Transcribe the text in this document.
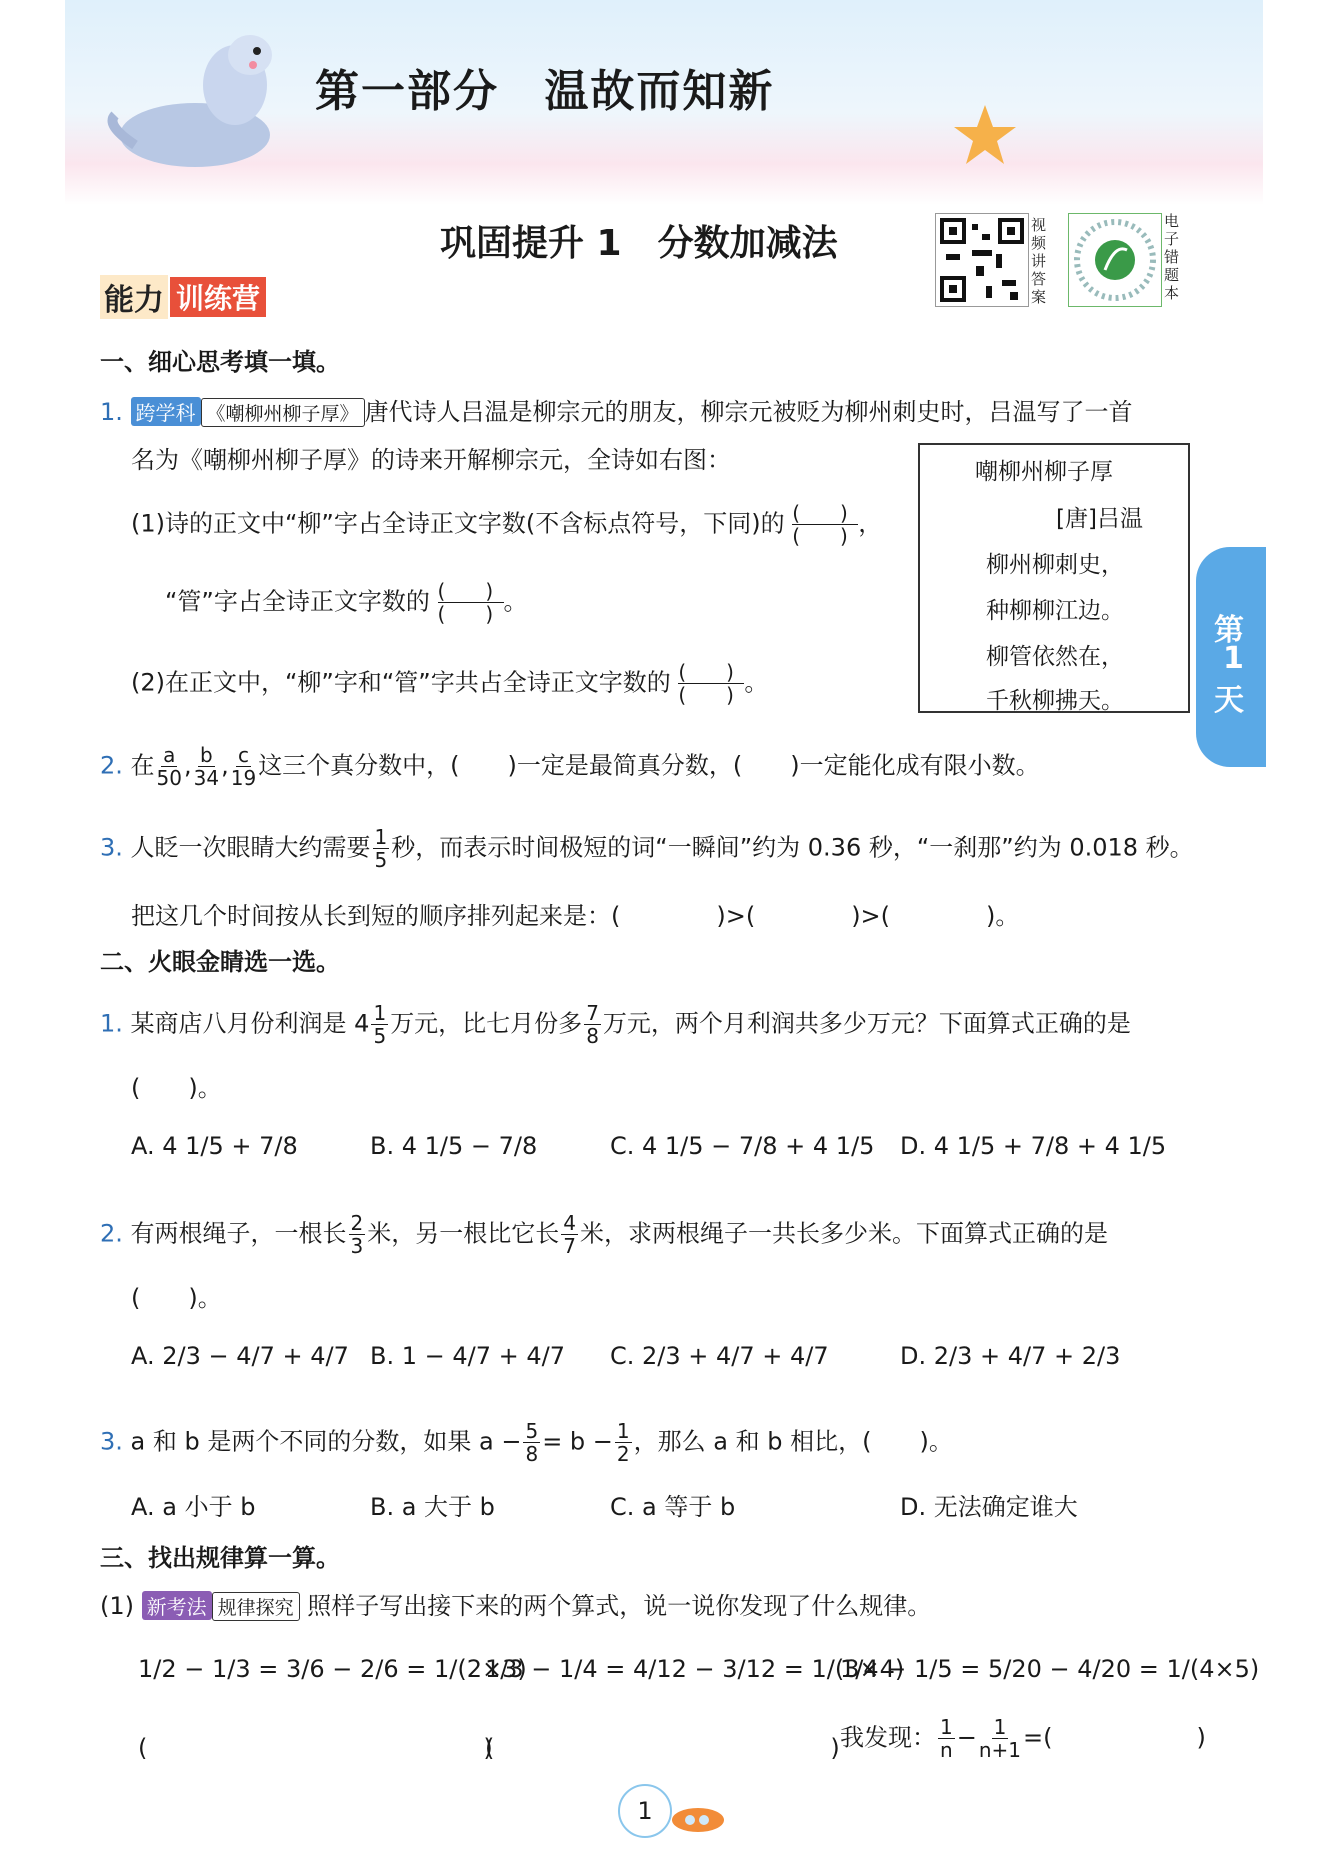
第一部分 温故而知新
巩固提升 1　分数加减法	视频讲答案
电子错题本
能力 训练营
第
1
天
一、细心思考填一填。
1. 跨学科 《嘲柳州柳子厚》 唐代诗人吕温是柳宗元的朋友，柳宗元被贬为柳州刺史时，吕温写了一首
名为《嘲柳州柳子厚》的诗来开解柳宗元，全诗如右图：
(1)诗的正文中“柳”字占全诗正文字数(不含标点符号，下同)的 (　　)
(　　) ，
“管”字占全诗正文字数的 (　　)
(　　) 。
(2)在正文中，“柳”字和“管”字共占全诗正文字数的 (　　)
(　　) 。
嘲柳州柳子厚
[唐]吕温
柳州柳刺史，
种柳柳江边。
柳管依然在，
千秋柳拂天。
2. 在 $\frac{a}{50}$ , $\frac{b}{34}$ , $\frac{c}{19}$ 这三个真分数中，(　　)一定是最简真分数，(　　)一定能化成有限小数。
3. 人眨一次眼睛大约需要 $\frac{1}{5}$ 秒，而表示时间极短的词“一瞬间”约为 0.36 秒，“一刹那”约为 0.018 秒。
把这几个时间按从长到短的顺序排列起来是：(　　　　)>(　　　　)>(　　　　)。
二、火眼金睛选一选。
1. 某商店八月份利润是 $4 \frac{1}{5}$ 万元，比七月份多 $\frac{7}{8}$ 万元，两个月利润共多少万元？下面算式正确的是
(　　)。
A. 4 1/5 + 7/8	B. 4 1/5 − 7/8	C. 4 1/5 − 7/8 + 4 1/5 D. 4 1/5 + 7/8 + 4 1/5
2. 有两根绳子，一根长 $\frac{2}{3}$ 米，另一根比它长 $\frac{4}{7}$ 米，求两根绳子一共长多少米。下面算式正确的是
(　　)。
A. 2/3 − 4/7 + 4/7 B. 1 − 4/7 + 4/7 C. 2/3 + 4/7 + 4/7	D. 2/3 + 4/7 + 2/3
3. a 和 b 是两个不同的分数，如果 $a - \frac{5}{8} = b - \frac{1}{2}$ ，那么 a 和 b 相比，(　　)。
A. a 小于 b	B. a 大于 b	C. a 等于 b	D. 无法确定谁大
三、找出规律算一算。
(1) 新考法 规律探究 照样子写出接下来的两个算式，说一说你发现了什么规律。
1/2 − 1/3 = 3/6 − 2/6 = 1/(2×3)
1/3 − 1/4 = 4/12 − 3/12 = 1/(3×4)
1/4 − 1/5 = 5/20 − 4/20 = 1/(4×5)
(　　　　　　　　　　　　　　)
(　　　　　　　　　　　　　　) 我发现： $\frac{1}{n} - \frac{1}{n+1}$ =(　　　　　　)
1
